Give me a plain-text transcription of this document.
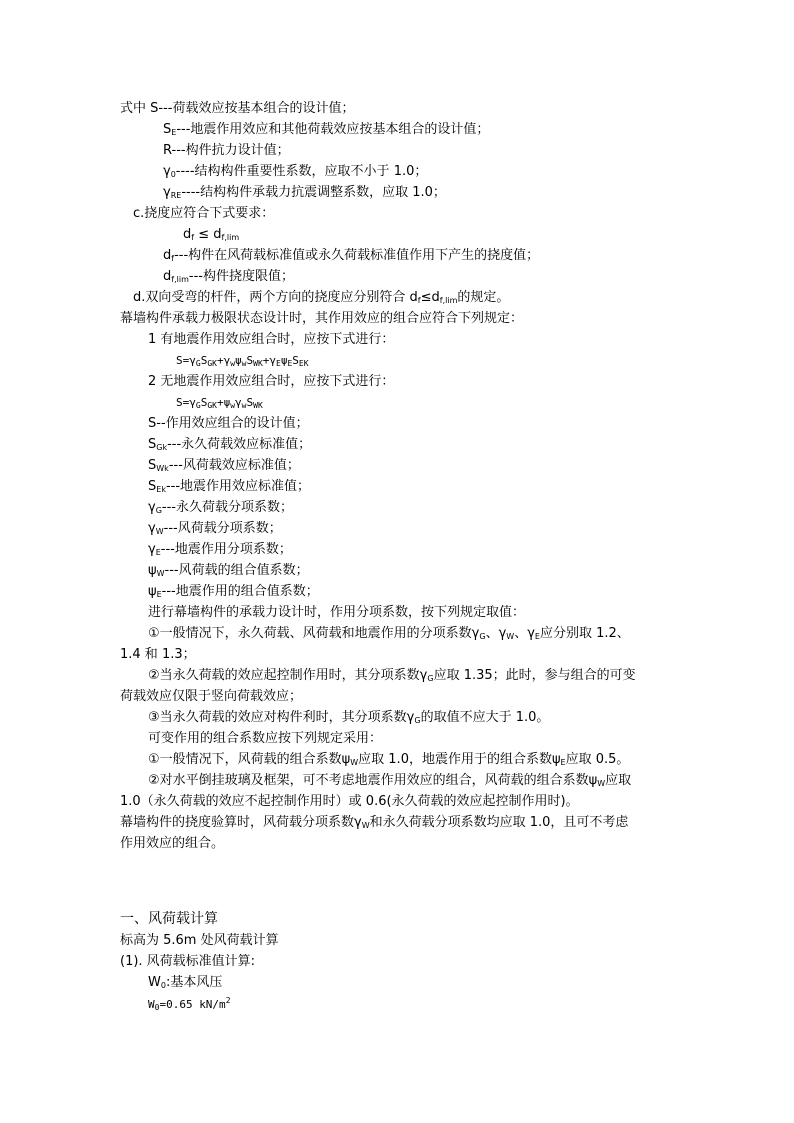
式中 S---荷载效应按基本组合的设计值；
$S_E---$地震作用效应和其他荷载效应按基本组合的设计值；
R---构件抗力设计值；
$\gamma_0----$结构构件重要性系数，应取不小于 1.0；
$\gamma_{RE}----$结构构件承载力抗震调整系数，应取 1.0；
c.挠度应符合下式要求：
$d_f \le d_{f,lim}$
$d_f---$构件在风荷载标准值或永久荷载标准值作用下产生的挠度值；
$d_{f,lim}---$构件挠度限值；
d.双向受弯的杆件，两个方向的挠度应分别符合 $d_f\le d_{f,lim}$的规定。
幕墙构件承载力极限状态设计时，其作用效应的组合应符合下列规定：
1 有地震作用效应组合时，应按下式进行：
$S=\gamma_GS_{GK}+\gamma_w\psi_wS_{WK}+\gamma_E\psi_ES_{EK}$
2 无地震作用效应组合时，应按下式进行：
$S=\gamma_GS_{GK}+\psi_w\gamma_wS_{WK}$
S--作用效应组合的设计值；
$S_{Gk}---$永久荷载效应标准值；
$S_{Wk}---$风荷载效应标准值；
$S_{Ek}---$地震作用效应标准值；
$\gamma_G---$永久荷载分项系数；
$\gamma_W---$风荷载分项系数；
$\gamma_E---$地震作用分项系数；
$\psi_W---$风荷载的组合值系数；
$\psi_E---$地震作用的组合值系数；
进行幕墙构件的承载力设计时，作用分项系数，按下列规定取值：
①一般情况下，永久荷载、风荷载和地震作用的分项系数$\gamma_G$、$\gamma_W$、$\gamma_E$应分别取 1.2、
1.4 和 1.3；
②当永久荷载的效应起控制作用时，其分项系数$\gamma_G$应取 1.35；此时，参与组合的可变
荷载效应仅限于竖向荷载效应；
③当永久荷载的效应对构件利时，其分项系数$\gamma_G$的取值不应大于 1.0。
可变作用的组合系数应按下列规定采用：
①一般情况下，风荷载的组合系数$\psi_W$应取 1.0，地震作用于的组合系数$\psi_E$应取 0.5。
②对水平倒挂玻璃及框架，可不考虑地震作用效应的组合，风荷载的组合系数$\psi_W$应取
1.0（永久荷载的效应不起控制作用时）或 0.6(永久荷载的效应起控制作用时)。
幕墙构件的挠度验算时，风荷载分项系数$\gamma_W$和永久荷载分项系数均应取 1.0，且可不考虑
作用效应的组合。
一、风荷载计算
标高为 5.6m 处风荷载计算
(1). 风荷载标准值计算:
$W_0$:基本风压
$W_0=0.65$ $kN/m^2$
